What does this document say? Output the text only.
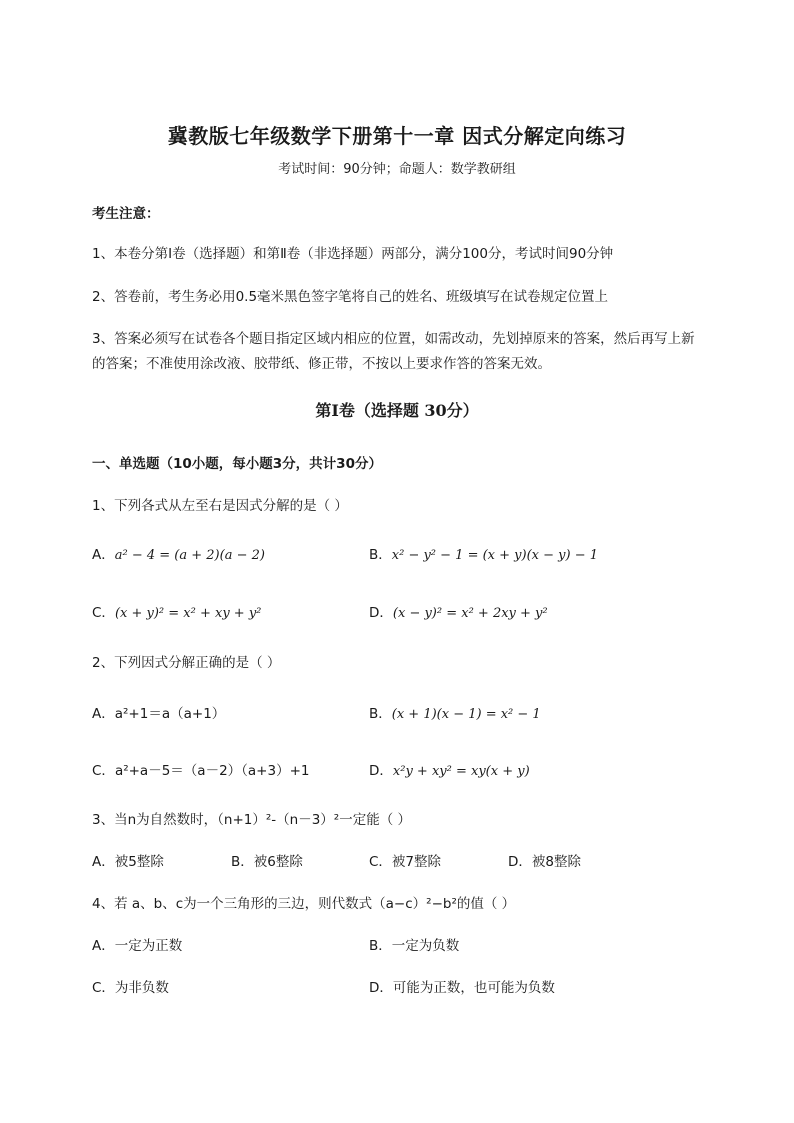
冀教版七年级数学下册第十一章 因式分解定向练习
考试时间：90分钟；命题人：数学教研组
考生注意：
1、本卷分第I卷（选择题）和第Ⅱ卷（非选择题）两部分，满分100分，考试时间90分钟
2、答卷前，考生务必用0.5毫米黑色签字笔将自己的姓名、班级填写在试卷规定位置上
3、答案必须写在试卷各个题目指定区域内相应的位置，如需改动，先划掉原来的答案，然后再写上新
的答案；不准使用涂改液、胶带纸、修正带，不按以上要求作答的答案无效。
第I卷（选择题 30分）
一、单选题（10小题，每小题3分，共计30分）
1、下列各式从左至右是因式分解的是（ ）
A．a² − 4 = (a + 2)(a − 2)	B．x² − y² − 1 = (x + y)(x − y) − 1
C．(x + y)² = x² + xy + y²	D．(x − y)² = x² + 2xy + y²
2、下列因式分解正确的是（ ）
A．a²+1＝a（a+1）	B．(x + 1)(x − 1) = x² − 1
C．a²+a－5＝（a－2）（a+3）+1	D．x²y + xy² = xy(x + y)
3、当n为自然数时，（n+1）²-（n－3）²一定能（ ）
A．被5整除	B．被6整除	C．被7整除	D．被8整除
4、若 a、b、c为一个三角形的三边，则代数式（a−c）²−b²的值（ ）
A．一定为正数	B．一定为负数
C．为非负数	D．可能为正数，也可能为负数
